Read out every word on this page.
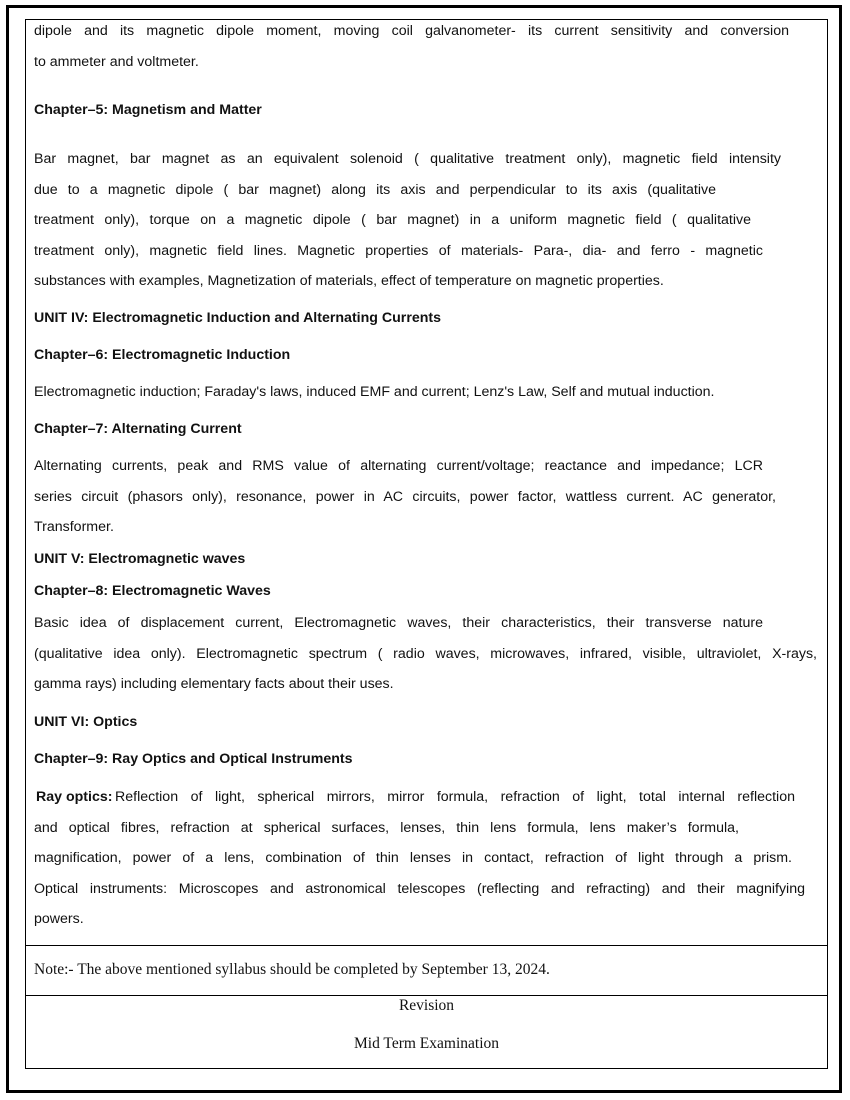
dipole and its magnetic dipole moment, moving coil galvanometer- its current sensitivity and conversion
to ammeter and voltmeter.
Chapter–5: Magnetism and Matter
Bar magnet, bar magnet as an equivalent solenoid ( qualitative treatment only), magnetic field intensity
due to a magnetic dipole ( bar magnet) along its axis and perpendicular to its axis (qualitative
treatment only), torque on a magnetic dipole ( bar magnet) in a uniform magnetic field ( qualitative
treatment only), magnetic field lines. Magnetic properties of materials- Para-, dia- and ferro - magnetic
substances with examples, Magnetization of materials, effect of temperature on magnetic properties.
UNIT IV: Electromagnetic Induction and Alternating Currents
Chapter–6: Electromagnetic Induction
Electromagnetic induction; Faraday's laws, induced EMF and current; Lenz's Law, Self and mutual induction.
Chapter–7: Alternating Current
Alternating currents, peak and RMS value of alternating current/voltage; reactance and impedance; LCR
series circuit (phasors only), resonance, power in AC circuits, power factor, wattless current. AC generator,
Transformer.
UNIT V: Electromagnetic waves
Chapter–8: Electromagnetic Waves
Basic idea of displacement current, Electromagnetic waves, their characteristics, their transverse nature
(qualitative idea only). Electromagnetic spectrum ( radio waves, microwaves, infrared, visible, ultraviolet, X-rays,
gamma rays) including elementary facts about their uses.
UNIT VI: Optics
Chapter–9: Ray Optics and Optical Instruments
Ray optics: Reflection of light, spherical mirrors, mirror formula, refraction of light, total internal reflection
and optical fibres, refraction at spherical surfaces, lenses, thin lens formula, lens maker’s formula,
magnification, power of a lens, combination of thin lenses in contact, refraction of light through a prism.
Optical instruments: Microscopes and astronomical telescopes (reflecting and refracting) and their magnifying
powers.
Note:- The above mentioned syllabus should be completed by September 13, 2024.
Revision
Mid Term Examination
